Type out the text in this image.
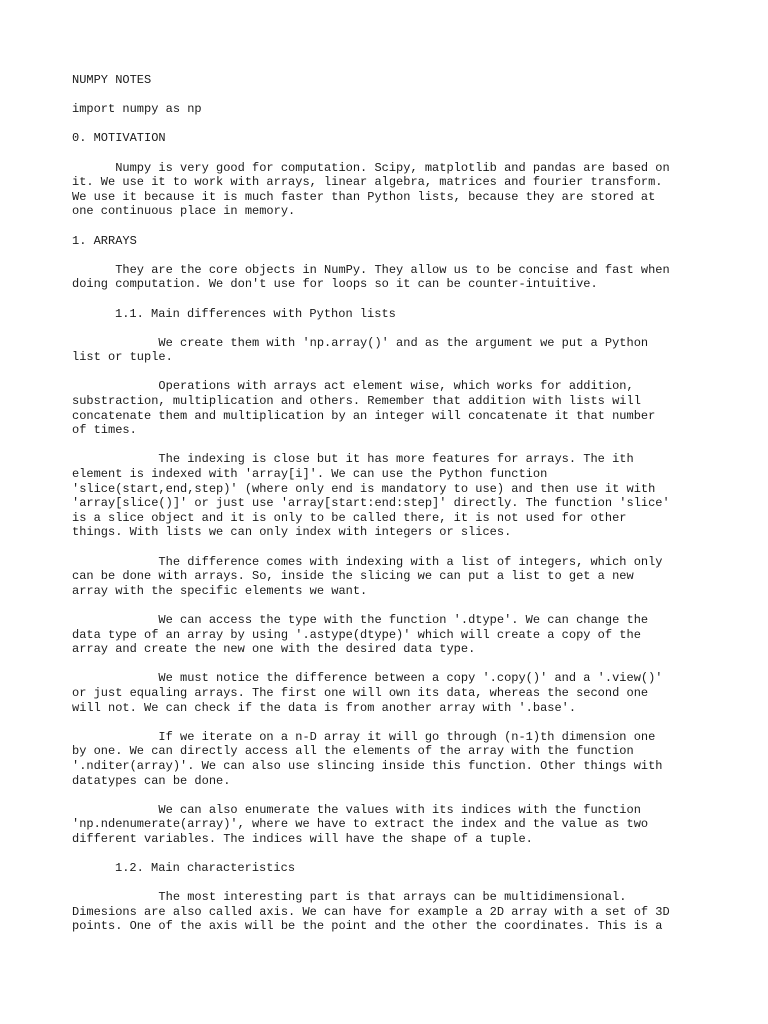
NUMPY NOTES

import numpy as np

0. MOTIVATION

Numpy is very good for computation. Scipy, matplotlib and pandas are based on
it. We use it to work with arrays, linear algebra, matrices and fourier transform.
We use it because it is much faster than Python lists, because they are stored at
one continuous place in memory.

1. ARRAYS

They are the core objects in NumPy. They allow us to be concise and fast when
doing computation. We don't use for loops so it can be counter-intuitive.

1.1. Main differences with Python lists

We create them with 'np.array()' and as the argument we put a Python
list or tuple.

Operations with arrays act element wise, which works for addition,
substraction, multiplication and others. Remember that addition with lists will
concatenate them and multiplication by an integer will concatenate it that number
of times.

The indexing is close but it has more features for arrays. The ith
element is indexed with 'array[i]'. We can use the Python function
'slice(start,end,step)' (where only end is mandatory to use) and then use it with
'array[slice()]' or just use 'array[start:end:step]' directly. The function 'slice'
is a slice object and it is only to be called there, it is not used for other
things. With lists we can only index with integers or slices.

The difference comes with indexing with a list of integers, which only
can be done with arrays. So, inside the slicing we can put a list to get a new
array with the specific elements we want.

We can access the type with the function '.dtype'. We can change the
data type of an array by using '.astype(dtype)' which will create a copy of the
array and create the new one with the desired data type.

We must notice the difference between a copy '.copy()' and a '.view()'
or just equaling arrays. The first one will own its data, whereas the second one
will not. We can check if the data is from another array with '.base'.

If we iterate on a n-D array it will go through (n-1)th dimension one
by one. We can directly access all the elements of the array with the function
'.nditer(array)'. We can also use slincing inside this function. Other things with
datatypes can be done.

We can also enumerate the values with its indices with the function
'np.ndenumerate(array)', where we have to extract the index and the value as two
different variables. The indices will have the shape of a tuple.

1.2. Main characteristics

The most interesting part is that arrays can be multidimensional.
Dimesions are also called axis. We can have for example a 2D array with a set of 3D
points. One of the axis will be the point and the other the coordinates. This is a
